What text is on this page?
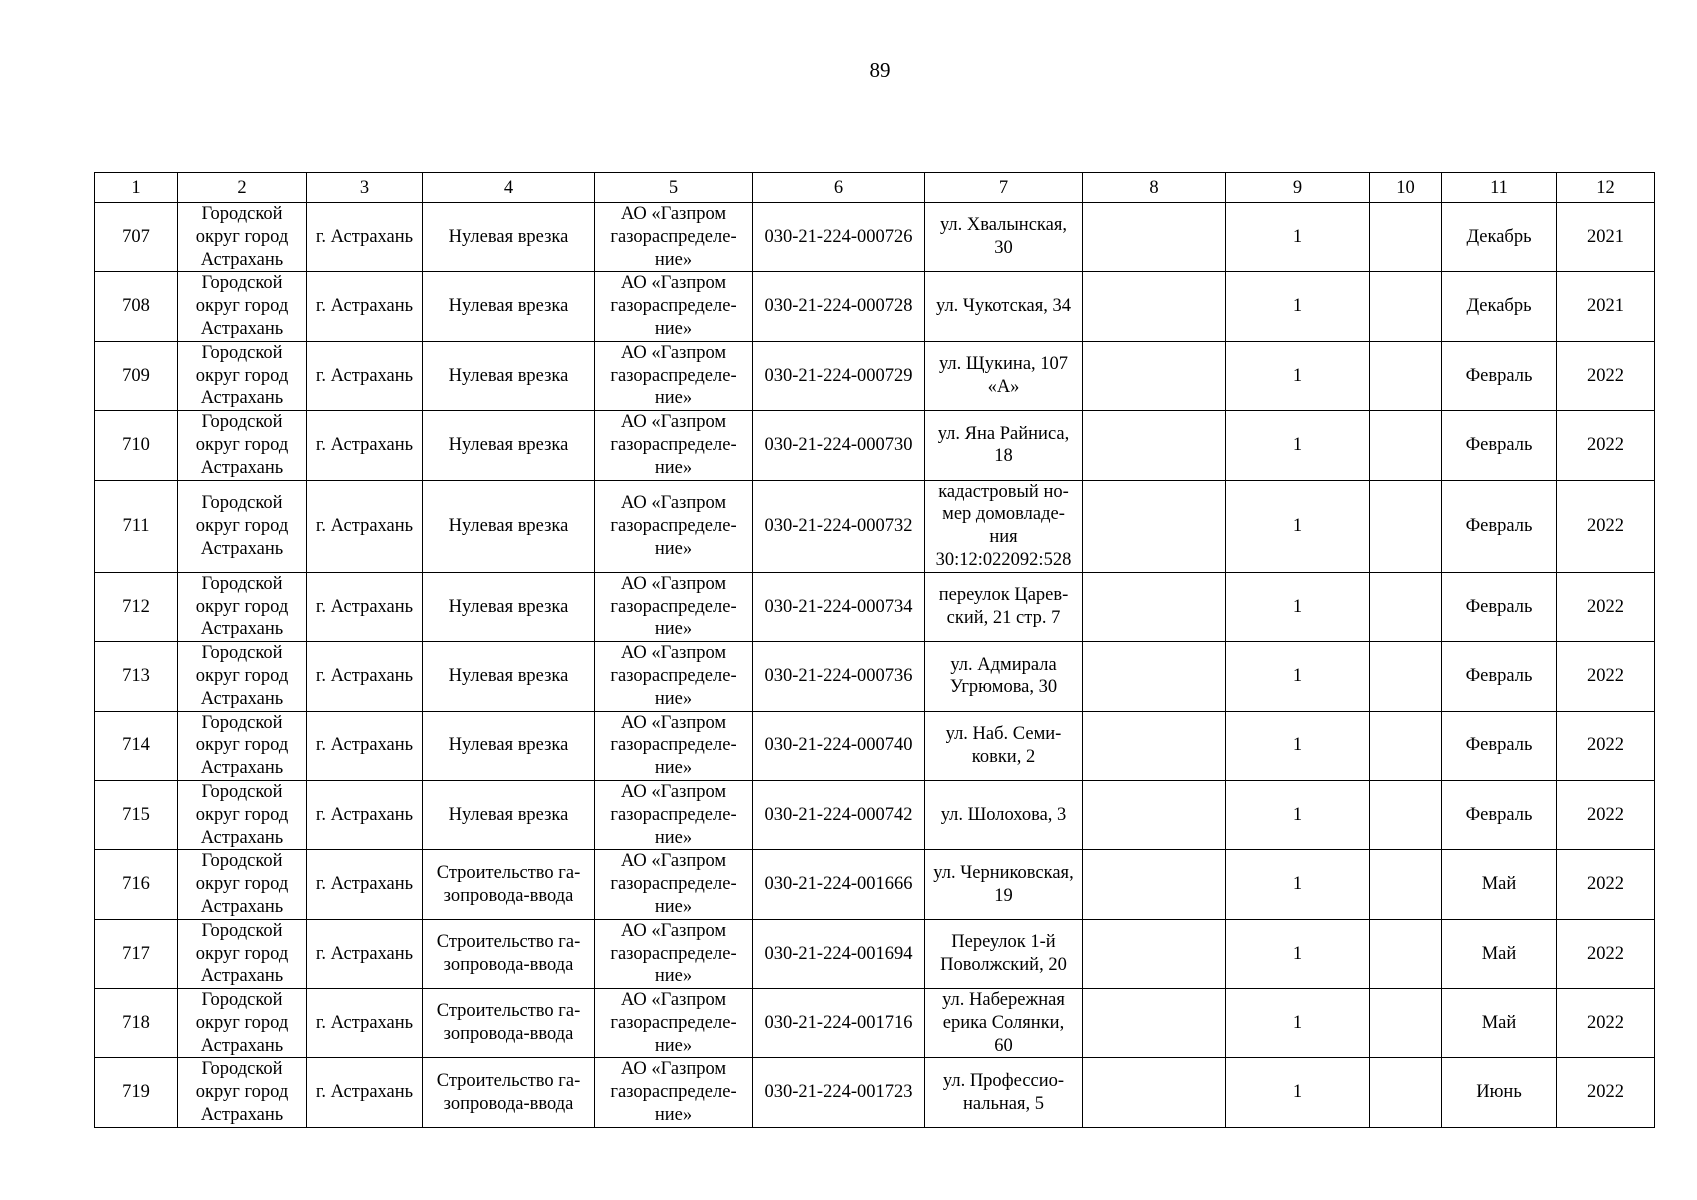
89
1	2	3	4	5	6	7	8	9	10	11	12
707	Городской
округ город
Астрахань	г. Астрахань	Нулевая врезка	АО «Газпром
газораспределе-
ние»	030-21-224-000726	ул. Хвалынская,
30		1		Декабрь	2021
708	Городской
округ город
Астрахань	г. Астрахань	Нулевая врезка	АО «Газпром
газораспределе-
ние»	030-21-224-000728	ул. Чукотская, 34		1		Декабрь	2021
709	Городской
округ город
Астрахань	г. Астрахань	Нулевая врезка	АО «Газпром
газораспределе-
ние»	030-21-224-000729	ул. Щукина, 107
«А»		1		Февраль	2022
710	Городской
округ город
Астрахань	г. Астрахань	Нулевая врезка	АО «Газпром
газораспределе-
ние»	030-21-224-000730	ул. Яна Райниса,
18		1		Февраль	2022
711	Городской
округ город
Астрахань	г. Астрахань	Нулевая врезка	АО «Газпром
газораспределе-
ние»	030-21-224-000732	кадастровый но-
мер домовладе-
ния
30:12:022092:528		1		Февраль	2022
712	Городской
округ город
Астрахань	г. Астрахань	Нулевая врезка	АО «Газпром
газораспределе-
ние»	030-21-224-000734	переулок Царев-
ский, 21 стр. 7		1		Февраль	2022
713	Городской
округ город
Астрахань	г. Астрахань	Нулевая врезка	АО «Газпром
газораспределе-
ние»	030-21-224-000736	ул. Адмирала
Угрюмова, 30		1		Февраль	2022
714	Городской
округ город
Астрахань	г. Астрахань	Нулевая врезка	АО «Газпром
газораспределе-
ние»	030-21-224-000740	ул. Наб. Семи-
ковки, 2		1		Февраль	2022
715	Городской
округ город
Астрахань	г. Астрахань	Нулевая врезка	АО «Газпром
газораспределе-
ние»	030-21-224-000742	ул. Шолохова, 3		1		Февраль	2022
716	Городской
округ город
Астрахань	г. Астрахань	Строительство га-
зопровода-ввода	АО «Газпром
газораспределе-
ние»	030-21-224-001666	ул. Черниковская,
19		1		Май	2022
717	Городской
округ город
Астрахань	г. Астрахань	Строительство га-
зопровода-ввода	АО «Газпром
газораспределе-
ние»	030-21-224-001694	Переулок 1-й
Поволжский, 20		1		Май	2022
718	Городской
округ город
Астрахань	г. Астрахань	Строительство га-
зопровода-ввода	АО «Газпром
газораспределе-
ние»	030-21-224-001716	ул. Набережная
ерика Солянки,
60		1		Май	2022
719	Городской
округ город
Астрахань	г. Астрахань	Строительство га-
зопровода-ввода	АО «Газпром
газораспределе-
ние»	030-21-224-001723	ул. Профессио-
нальная, 5		1		Июнь	2022
